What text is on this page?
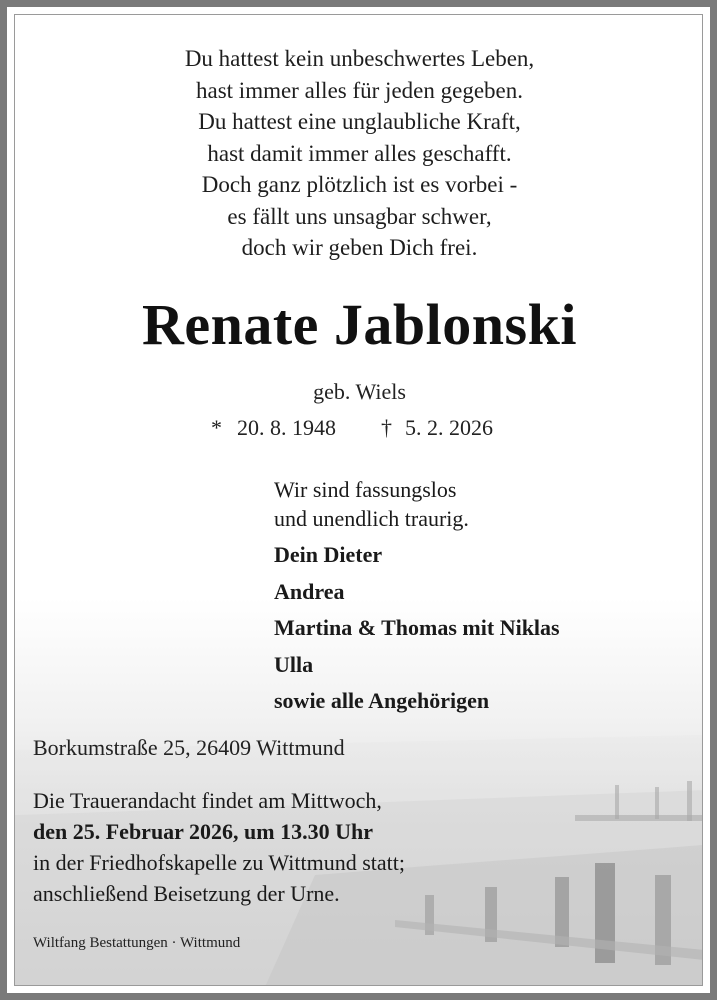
Du hattest kein unbeschwertes Leben,
hast immer alles für jeden gegeben.
Du hattest eine unglaubliche Kraft,
hast damit immer alles geschafft.
Doch ganz plötzlich ist es vorbei -
es fällt uns unsagbar schwer,
doch wir geben Dich frei.
Renate Jablonski
geb. Wiels
* 20. 8. 1948 † 5. 2. 2026
Wir sind fassungslos
und unendlich traurig.
Dein Dieter
Andrea
Martina & Thomas mit Niklas
Ulla
sowie alle Angehörigen
Borkumstraße 25, 26409 Wittmund
Die Trauerandacht findet am Mittwoch,
den 25. Februar 2026, um 13.30 Uhr
in der Friedhofskapelle zu Wittmund statt;
anschließend Beisetzung der Urne.
Wiltfang Bestattungen · Wittmund
